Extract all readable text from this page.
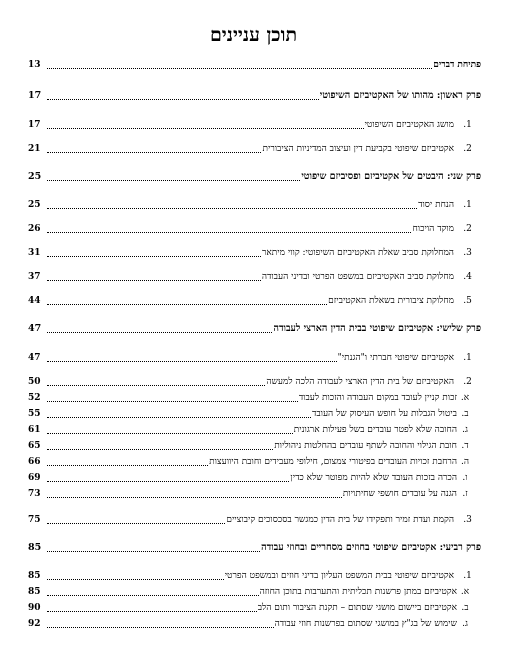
תוכן עניינים
פתיחת דברים
13
פרק ראשון: מהותו של האקטיביזם השיפוטי
17
1.
מושג האקטיביזם השיפוטי
17
2.
אקטיביזם שיפוטי בקביעת דין ועיצוב המדיניות הציבורית
21
פרק שני: היבטים של אקטיביזם ופסיביזם שיפוטי
25
1.
הנחת יסוד
25
2.
מוקד הויכוח
26
3.
המחלוקת סביב שאלת האקטיביזם השיפוטי: קווי מיתאר
31
4.
מחלוקת סביב האקטיביזם במשפט הפרטי ובדיני העבודה
37
5.
מחלוקת ציבורית בשאלת האקטיביזם
44
פרק שלישי: אקטיביזם שיפוטי בבית הדין הארצי לעבודה
47
1.
אקטיביזם שיפוטי חברתי ו"הגנתי"
47
2.
האקטיביזם של בית הדין הארצי לעבודה הלכה למעשה
50
א.
זכות קניין לעובד במקום העבודה והזכות לעבוד
52
ב.
ביטול הגבלות על חופש העיסוק של העובד
55
ג.
החובה שלא לפטר עובדים בשל פעילות ארגונית
61
ד.
חובת הגילוי והחובה לשתף עובדים בהחלטות ניהוליות
65
ה.
הרחבת זכויות העובדים בפיטורי צמצום, חילופי מעבידים וחובת היוועצות
66
ו.
הכרה בזכות העובד שלא להיות מפוטר שלא כדין
69
ז.
הגנה על עובדים חושפי שחיתויות
73
3.
הקמת ועדת זמיר ותפקידו של בית הדין כמגשר בסכסוכים קיבוציים
75
פרק רביעי: אקטיביזם שיפוטי בחוזים מסחריים ובחוזי עבודה
85
1.
אקטיביזם שיפוטי בבית המשפט העליון בדיני חוזים ובמשפט הפרטי
85
א.
אקטיביזם במתן פרשנות תכליתית והתערבות בתוכן החוזה
85
ב.
אקטיביזם ביישום מושגי שסתום – תקנת הציבור ותום הלב
90
ג.
שימוש של בג"ץ במושגי שסתום בפרשנות חוזי עבודה
92
